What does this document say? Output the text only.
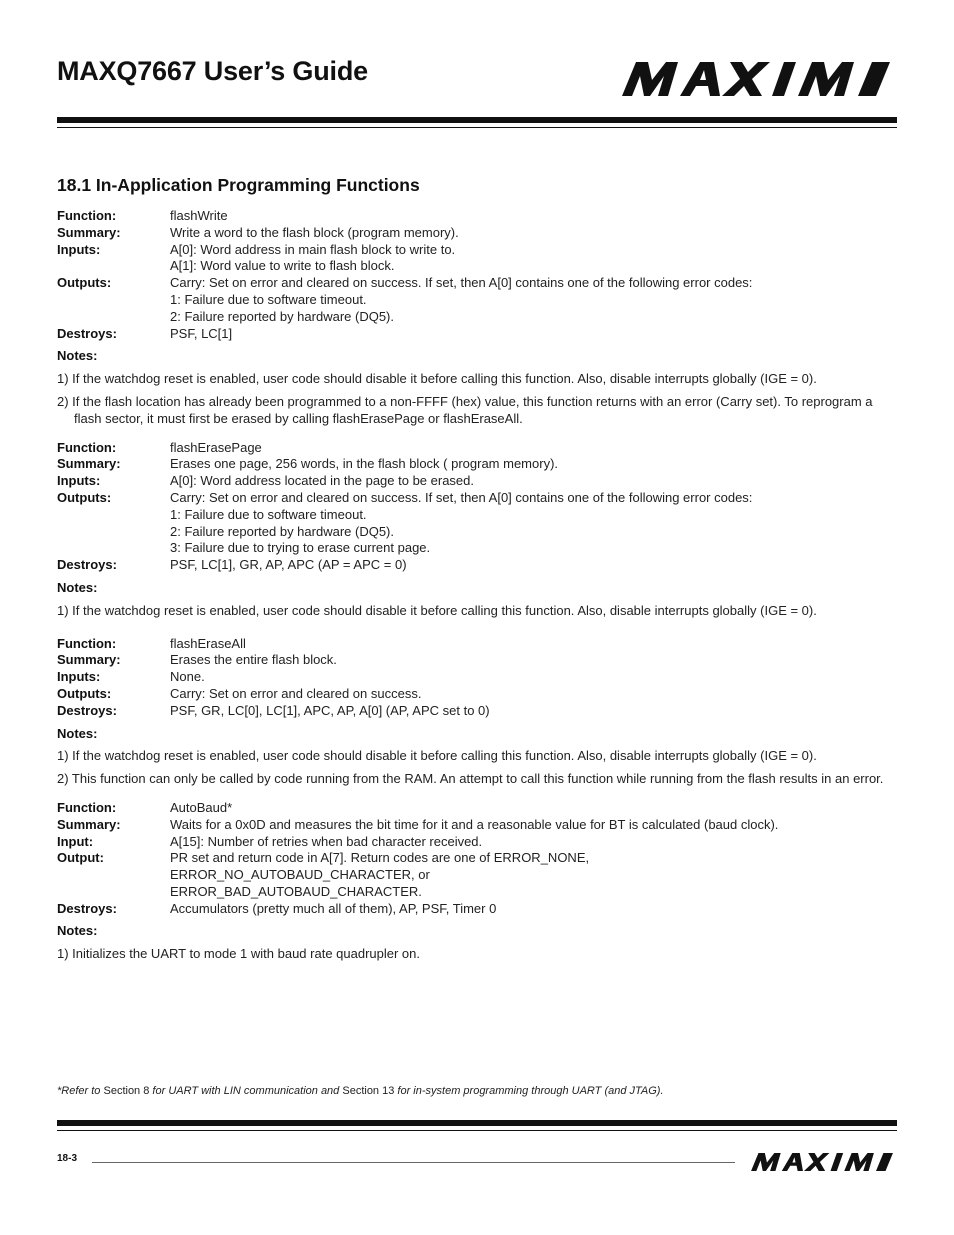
MAXQ7667 User’s Guide
18.1 In-Application Programming Functions
Function:	flashWrite
Summary:	Write a word to the flash block (program memory).
Inputs:	A[0]: Word address in main flash block to write to.
A[1]: Word value to write to flash block.
Outputs:	Carry: Set on error and cleared on success. If set, then A[0] contains one of the following error codes:
1: Failure due to software timeout.
2: Failure reported by hardware (DQ5).
Destroys:	PSF, LC[1]
Notes:
1) If the watchdog reset is enabled, user code should disable it before calling this function. Also, disable interrupts globally (IGE = 0).
2) If the flash location has already been programmed to a non-FFFF (hex) value, this function returns with an error (Carry set). To reprogram a flash sector, it must first be erased by calling flashErasePage or flashEraseAll.
Function:	flashErasePage
Summary:	Erases one page, 256 words, in the flash block ( program memory).
Inputs:	A[0]: Word address located in the page to be erased.
Outputs:	Carry: Set on error and cleared on success. If set, then A[0] contains one of the following error codes:
1: Failure due to software timeout.
2: Failure reported by hardware (DQ5).
3: Failure due to trying to erase current page.
Destroys:	PSF, LC[1], GR, AP, APC (AP = APC = 0)
Notes:
1) If the watchdog reset is enabled, user code should disable it before calling this function. Also, disable interrupts globally (IGE = 0).
Function:	flashEraseAll
Summary:	Erases the entire flash block.
Inputs:	None.
Outputs:	Carry: Set on error and cleared on success.
Destroys:	PSF, GR, LC[0], LC[1], APC, AP, A[0] (AP, APC set to 0)
Notes:
1) If the watchdog reset is enabled, user code should disable it before calling this function. Also, disable interrupts globally (IGE = 0).
2) This function can only be called by code running from the RAM. An attempt to call this function while running from the flash results in an error.
Function:	AutoBaud*
Summary:	Waits for a 0x0D and measures the bit time for it and a reasonable value for BT is calculated (baud clock).
Input:	A[15]: Number of retries when bad character received.
Output:	PR set and return code in A[7]. Return codes are one of ERROR_NONE,
ERROR_NO_AUTOBAUD_CHARACTER, or
ERROR_BAD_AUTOBAUD_CHARACTER.
Destroys:	Accumulators (pretty much all of them), AP, PSF, Timer 0
Notes:
1) Initializes the UART to mode 1 with baud rate quadrupler on.
*Refer to Section 8 for UART with LIN communication and Section 13 for in-system programming through UART (and JTAG).
18-3
